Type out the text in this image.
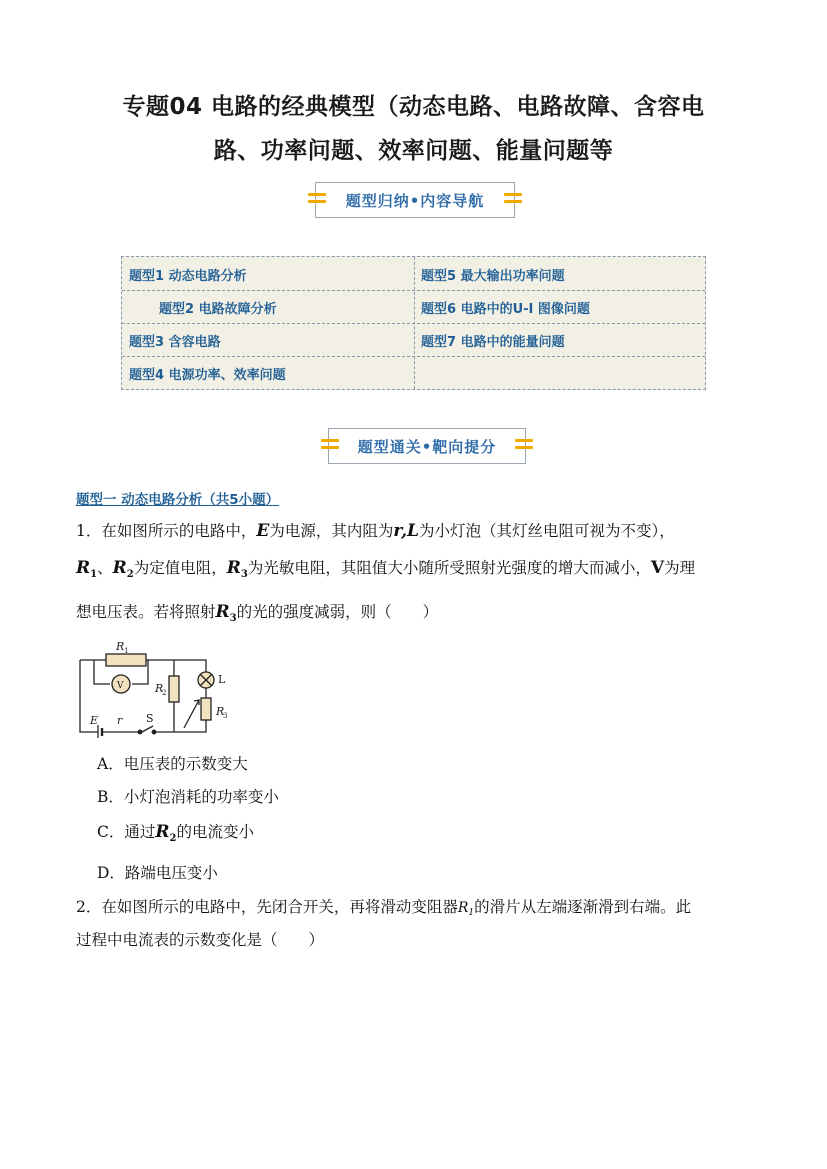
专题04 电路的经典模型（动态电路、电路故障、含容电
路、功率问题、效率问题、能量问题等
题型归纳•内容导航
题型1 动态电路分析	题型5 最大输出功率问题
题型2 电路故障分析	题型6 电路中的U-I 图像问题
题型3 含容电路	题型7 电路中的能量问题
题型4 电源功率、效率问题
题型通关•靶向提分
题型一 动态电路分析（共5小题）
1．在如图所示的电路中，E为电源，其内阻为r,L为小灯泡（其灯丝电阻可视为不变），
$R_1$、$R_2$为定值电阻，$R_3$为光敏电阻，其阻值大小随所受照射光强度的增大而减小，V为理
想电压表。若将照射$R_3$的光的强度减弱，则（　　）
R 1
V	R
2
L
R
3
E r S
A．电压表的示数变大
B．小灯泡消耗的功率变小
C．通过$R_2$的电流变小
D．路端电压变小
2．在如图所示的电路中，先闭合开关，再将滑动变阻器R1的滑片从左端逐渐滑到右端。此
过程中电流表的示数变化是（　　）
